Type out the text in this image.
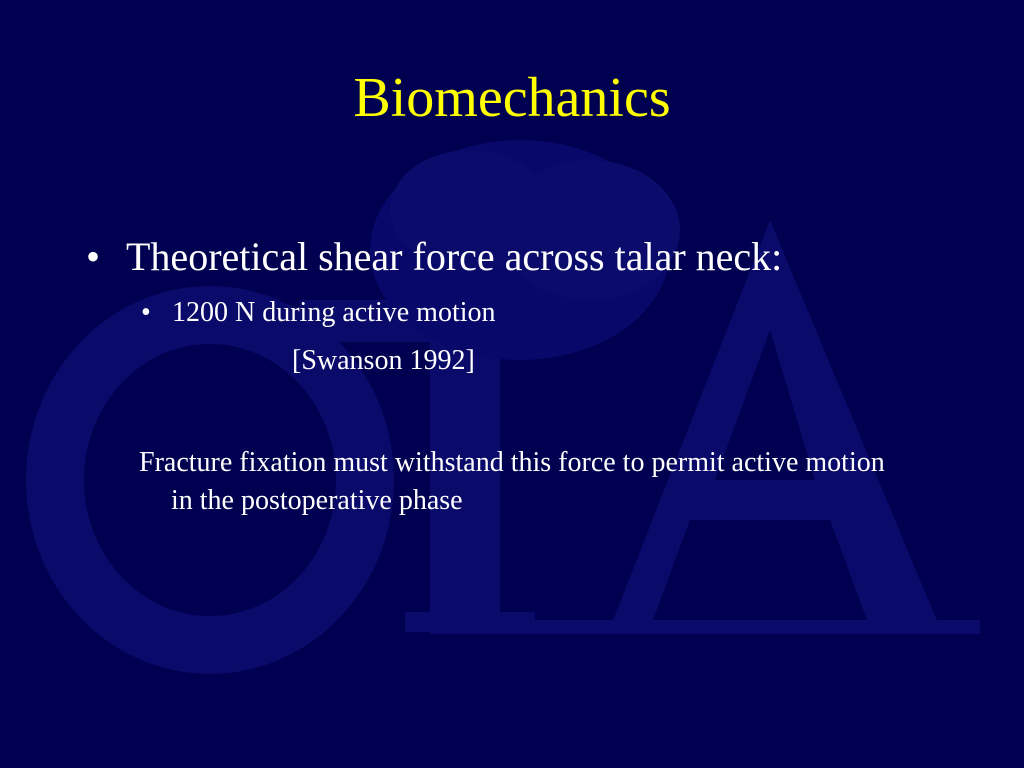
Biomechanics
• Theoretical shear force across talar neck:
• 1200 N during active motion
[Swanson 1992]
Fracture fixation must withstand this force to permit active motion in the postoperative phase
